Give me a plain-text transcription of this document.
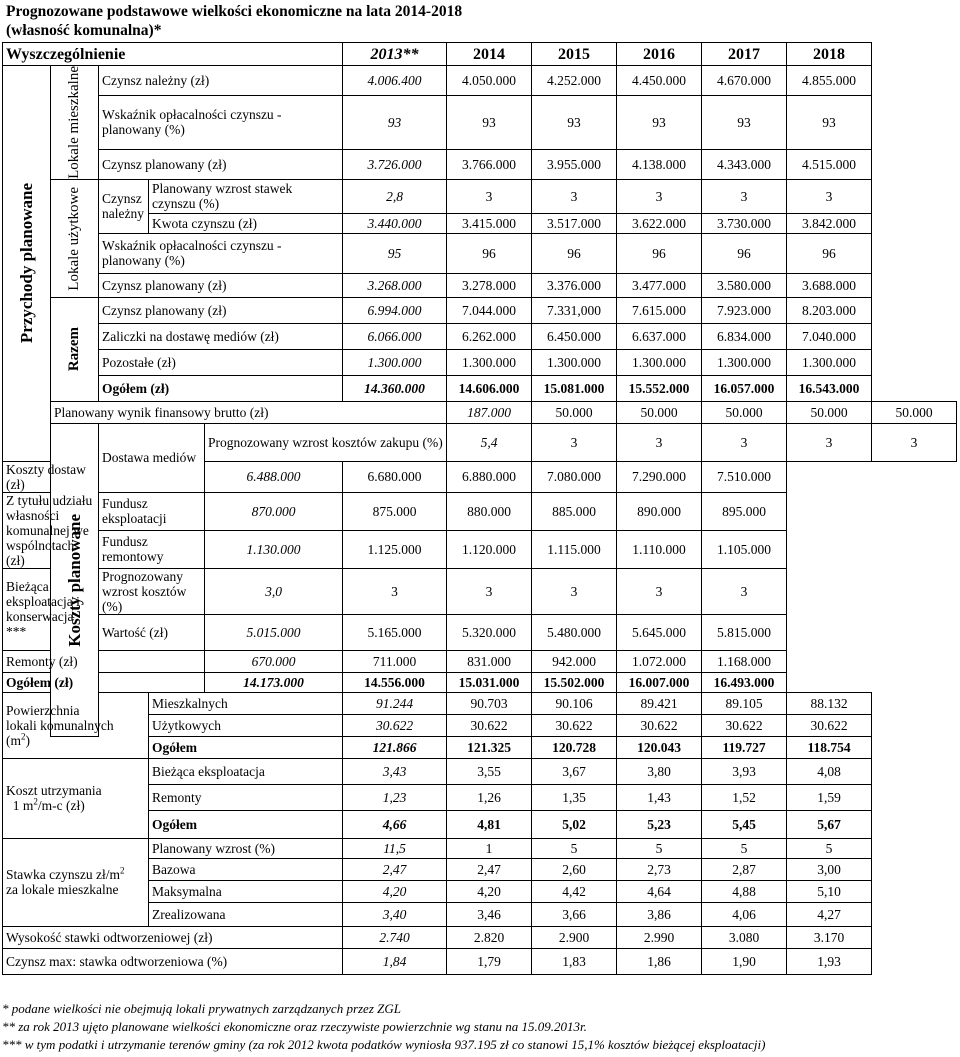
Prognozowane podstawowe wielkości ekonomiczne na lata 2014-2018
(własność komunalna)*
Wyszczególnienie					2013**	2014	2015	2016	2017	2018	

Przychody planowane	Lokale mieszkalne	Czynsz należny (zł)			4.006.400	4.050.000	4.252.000	4.450.000	4.670.000	4.855.000	
		Wskaźnik opłacalności czynszu - planowany (%)			93	93	93	93	93	93	
		Czynsz planowany (zł)			3.726.000	3.766.000	3.955.000	4.138.000	4.343.000	4.515.000	

	Lokale użytkowe	Czynsz należny	Planowany wzrost stawek czynszu (%)		2,8	3	3	3	3	3	
			Kwota czynszu (zł)		3.440.000	3.415.000	3.517.000	3.622.000	3.730.000	3.842.000	
		Wskaźnik opłacalności czynszu - planowany (%)			95	96	96	96	96	96	
		Czynsz planowany (zł)			3.268.000	3.278.000	3.376.000	3.477.000	3.580.000	3.688.000	

	Razem	Czynsz planowany (zł)			6.994.000	7.044.000	7.331,000	7.615.000	7.923.000	8.203.000	
		Zaliczki na dostawę mediów (zł)			6.066.000	6.262.000	6.450.000	6.637.000	6.834.000	7.040.000	
		Pozostałe (zł)			1.300.000	1.300.000	1.300.000	1.300.000	1.300.000	1.300.000	
		Ogółem (zł)			14.360.000	14.606.000	15.081.000	15.552.000	16.057.000	16.543.000	
	Planowany wynik finansowy brutto (zł)					187.000	50.000	50.000	50.000	50.000	50.000

	Koszty planowane	Dostawa mediów		Prognozowany wzrost kosztów zakupu (%)		5,4	3	3	3	3	3
Koszty dostaw (zł)				6.488.000	6.680.000	6.880.000	7.080.000	7.290.000	7.510.000		
Z tytułu udziału własności komunalnej we wspólnotach (zł)		Fundusz eksploatacji		870.000	875.000	880.000	885.000	890.000	895.000		
		Fundusz remontowy		1.130.000	1.125.000	1.120.000	1.115.000	1.110.000	1.105.000		
Bieżąca eksploatacja i konserwacja ***		Prognozowany wzrost kosztów (%)		3,0	3	3	3	3	3		
		Wartość (zł)		5.015.000	5.165.000	5.320.000	5.480.000	5.645.000	5.815.000		
Remonty (zł)				670.000	711.000	831.000	942.000	1.072.000	1.168.000		
Ogółem (zł)				14.173.000	14.556.000	15.031.000	15.502.000	16.007.000	16.493.000		
Powierzchnia
lokali komunalnych
$(m^2)$			Mieszkalnych		91.244	90.703	90.106	89.421	89.105	88.132	
			Użytkowych		30.622	30.622	30.622	30.622	30.622	30.622	
			Ogółem		121.866	121.325	120.728	120.043	119.727	118.754	
Koszt utrzymania
1 $m^2/m-c$ (zł)			Bieżąca eksploatacja		3,43	3,55	3,67	3,80	3,93	4,08	
			Remonty		1,23	1,26	1,35	1,43	1,52	1,59	
			Ogółem		4,66	4,81	5,02	5,23	5,45	5,67	
Stawka czynszu $zł/m^2$
za lokale mieszkalne			Planowany wzrost (%)		11,5	1	5	5	5	5	
			Bazowa		2,47	2,47	2,60	2,73	2,87	3,00	
			Maksymalna		4,20	4,20	4,42	4,64	4,88	5,10	
			Zrealizowana		3,40	3,46	3,66	3,86	4,06	4,27	
Wysokość stawki odtworzeniowej (zł)					2.740	2.820	2.900	2.990	3.080	3.170	
Czynsz max: stawka odtworzeniowa (%)					1,84	1,79	1,83	1,86	1,90	1,93	
* podane wielkości nie obejmują lokali prywatnych zarządzanych przez ZGL
** za rok 2013 ujęto planowane wielkości ekonomiczne oraz rzeczywiste powierzchnie wg stanu na 15.09.2013r.
*** w tym podatki i utrzymanie terenów gminy (za rok 2012 kwota podatków wyniosła 937.195 zł co stanowi 15,1% kosztów bieżącej eksploatacji)
